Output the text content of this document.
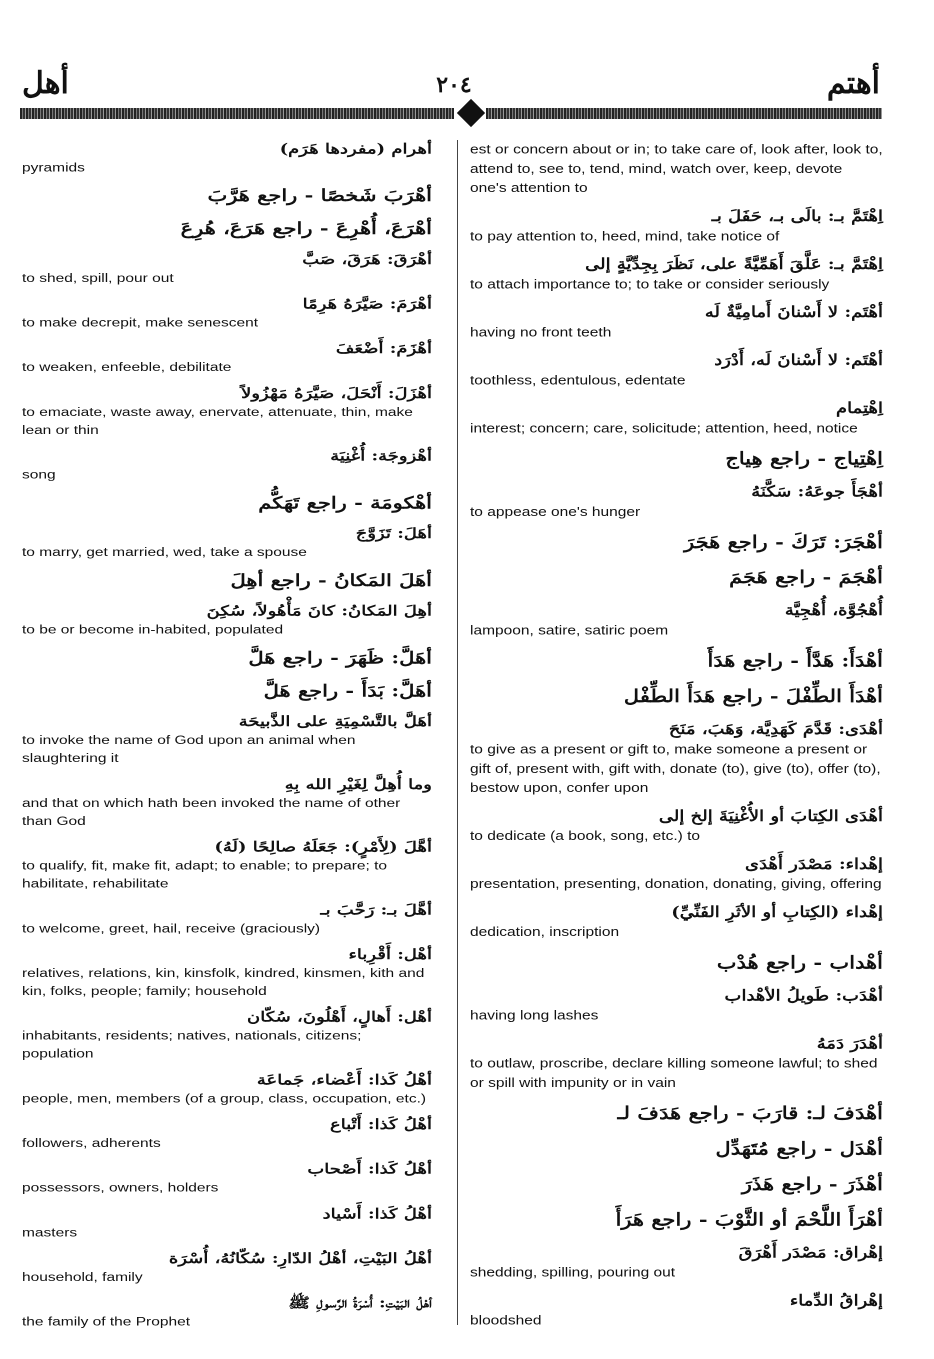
أهل	٢٠٤	أهتم
أهرام (مفردها هَرَم)
pyramids
أهْرَبَ شَخصًا - راجع هَرَّبَ
أهْرَعَ، أُهْرِعَ - راجع هَرَعَ، هُرِعَ
أهْرَقَ: هَرَقَ، صَبَّ
to shed, spill, pour out
أهْرَمَ: صَيَّرَهُ هَرِمًا
to make decrepit, make senescent
أهْزَمَ: أَضْعَفَ
to weaken, enfeeble, debilitate
أهْزَلَ: أَنْحَلَ، صَيَّرَهُ مَهْزُولاً
to emaciate, waste away, enervate, attenuate, thin, make lean or thin
أهْزوجَة: أُغْنِيَة
song
أهْكومَة - راجع تَهَكُّم
أهَلَ: تَزَوَّجَ
to marry, get married, wed, take a spouse
أهَلَ المَكانُ - راجع أهِلَ
أهِلَ المَكانُ: كانَ مَأْهُولاً، سُكِنَ
to be or become in-habited, populated
أهَلَّ: ظَهَرَ - راجع هَلَّ
أهَلَّ: بَدَأَ - راجع هَلَّ
أهَلَّ بالتَّسْمِيَةِ على الذَّبيحَة
to invoke the name of God upon an animal when slaughtering it
وما أُهِلَّ لِغَيْرِ الله بِهِ
and that on which hath been invoked the name of other than God
أهَّلَ (لِأَمْرٍ): جَعَلَهُ صالِحًا (لَهُ)
to qualify, fit, make fit, adapt; to enable; to prepare; to habilitate, rehabilitate
أهَّلَ بـ: رَحَّبَ بـ
to welcome, greet, hail, receive (graciously)
أهْل: أَقْرِباء
relatives, relations, kin, kinsfolk, kindred, kinsmen, kith and kin, folks, people; family; household
أهْل: أَهالٍ، أَهْلُونَ، سُكّان
inhabitants, residents; natives, nationals, citizens; population
أهْلُ كَذا: أَعْضاء، جَماعَة
people, men, members (of a group, class, occupation, etc.)
أهْلُ كَذا: أَتْباع
followers, adherents
أهْلُ كَذا: أَصْحاب
possessors, owners, holders
أهْلُ كَذا: أَسْياد
masters
أهْلُ البَيْتِ، أهْلُ الدّارِ: سُكّانُهُ، أُسْرَة
household, family
أهْلُ البَيْتِ: أُسْرَةُ الرَّسولِ ﷺ
the family of the Prophet
est or concern about or in; to take care of, look after, look to, attend to, see to, tend, mind, watch over, keep, devote one's attention to
اِهْتَمَّ بـ: بالَى بـ، حَفَلَ بـ
to pay attention to, heed, mind, take notice of
اِهْتَمَّ بـ: عَلَّقَ أَهَمِّيَّةً على، نَظَرَ بِجِدِّيَّةٍ إلى
to attach importance to; to take or consider seriously
أهْتَم: لا أَسْنانَ أَمامِيَّةٌ لَه
having no front teeth
أهْتَم: لا أَسْنانَ لَه، أَدْرَد
toothless, edentulous, edentate
اِهْتِمام
interest; concern; care, solicitude; attention, heed, notice
اِهْتِياج - راجع هِياج
أهْجَأَ جوعَهُ: سَكَّنَهُ
to appease one's hunger
أهْجَرَ: تَرَكَ - راجع هَجَرَ
أهْجَمَ - راجع هَجَمَ
أُهْجُوَّة، أُهْجِيَّة
lampoon, satire, satiric poem
أهْدَأَ: هَدَّأَ - راجع هَدَأَ
أهْدَأَ الطِّفْلَ - راجع هَدَأَ الطِّفْل
أهْدَى: قَدَّمَ كَهَدِيَّة، وَهَبَ، مَنَحَ
to give as a present or gift to, make someone a present or gift of, present with, gift with, donate (to), give (to), offer (to), bestow upon, confer upon
أهْدَى الكِتابَ أو الأُغْنِيَةَ إلخ إلى
to dedicate (a book, song, etc.) to
إهْداء: مَصْدَر أَهْدَى
presentation, presenting, donation, donating, giving, offering
إهْداء (الكِتابِ أو الأثَرِ الفَنِّيِّ)
dedication, inscription
أهْداب - راجع هُدْب
أهْدَب: طَويلُ الأهْداب
having long lashes
أهْدَرَ دَمَهُ
to outlaw, proscribe, declare killing someone lawful; to shed or spill with impunity or in vain
أهْدَفَ لـ: قارَبَ - راجع هَدَفَ لـ
أهْدَل - راجع مُتَهَدِّل
أهْذَرَ - راجع هَذَرَ
أهْرَأَ اللَّحْمَ أو الثَّوْبَ - راجع هَرَأَ
إهْراق: مَصْدَر أَهْرَقَ
shedding, spilling, pouring out
إهْراقُ الدِّماء
bloodshed
